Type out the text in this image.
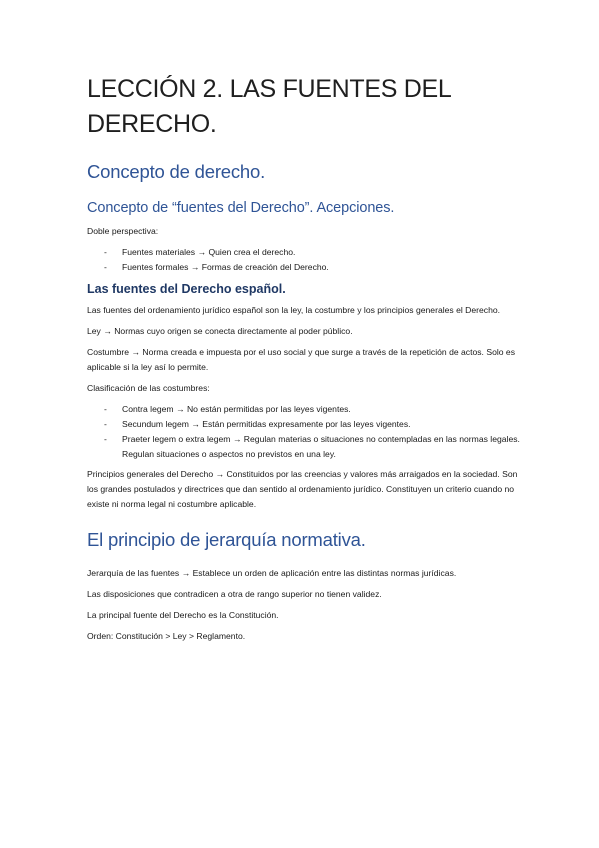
LECCIÓN 2. LAS FUENTES DEL DERECHO.
Concepto de derecho.
Concepto de “fuentes del Derecho”. Acepciones.

Doble perspectiva:

- Fuentes materiales → Quien crea el derecho.
- Fuentes formales → Formas de creación del Derecho.
Las fuentes del Derecho español.

Las fuentes del ordenamiento jurídico español son la ley, la costumbre y los principios generales el Derecho.

Ley → Normas cuyo origen se conecta directamente al poder público.

Costumbre → Norma creada e impuesta por el uso social y que surge a través de la repetición de actos. Solo es aplicable si la ley así lo permite.

Clasificación de las costumbres:

- Contra legem → No están permitidas por las leyes vigentes.
- Secundum legem → Están permitidas expresamente por las leyes vigentes.
- Praeter legem o extra legem → Regulan materias o situaciones no contempladas en las normas legales. Regulan situaciones o aspectos no previstos en una ley.

Principios generales del Derecho → Constituidos por las creencias y valores más arraigados en la sociedad. Son los grandes postulados y directrices que dan sentido al ordenamiento jurídico. Constituyen un criterio cuando no existe ni norma legal ni costumbre aplicable.

El principio de jerarquía normativa.

Jerarquía de las fuentes → Establece un orden de aplicación entre las distintas normas jurídicas.

Las disposiciones que contradicen a otra de rango superior no tienen validez.

La principal fuente del Derecho es la Constitución.

Orden: Constitución > Ley > Reglamento.
